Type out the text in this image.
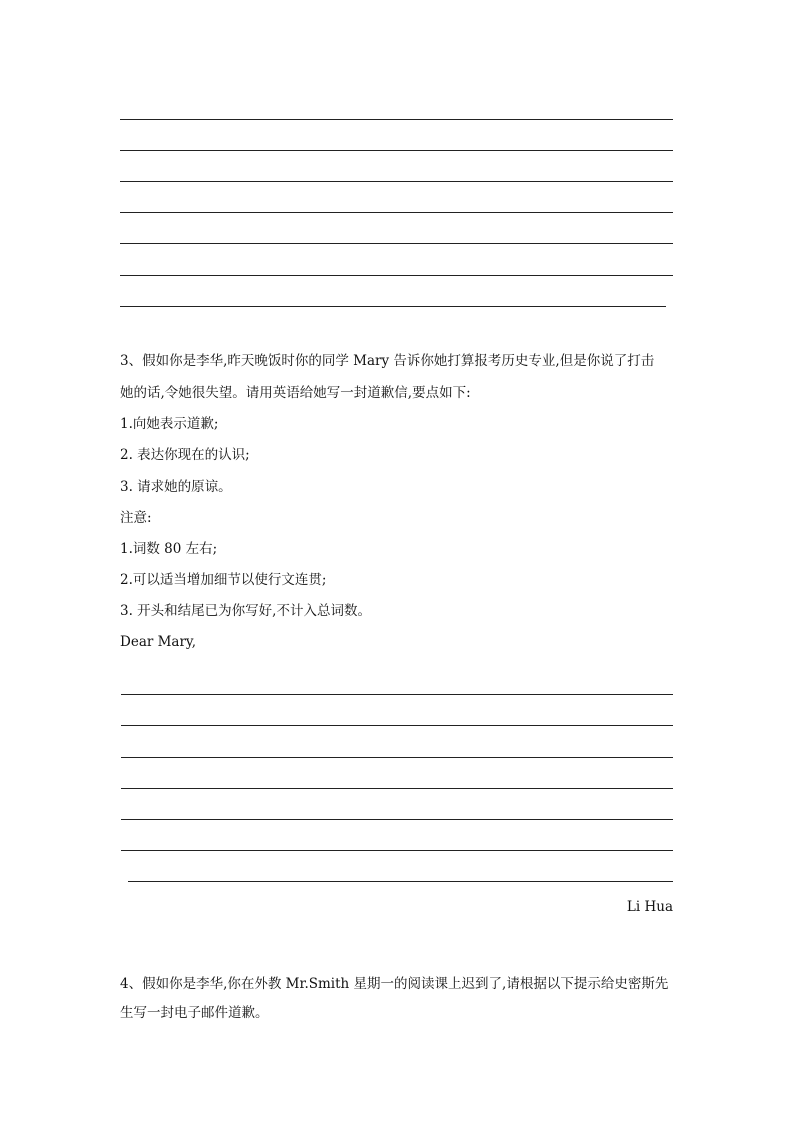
3、假如你是李华,昨天晚饭时你的同学 Mary 告诉你她打算报考历史专业,但是你说了打击
她的话,令她很失望。请用英语给她写一封道歉信,要点如下:
1.向她表示道歉;
2. 表达你现在的认识;
3. 请求她的原谅。
注意:
1.词数 80 左右;
2.可以适当增加细节以使行文连贯;
3. 开头和结尾已为你写好,不计入总词数。
Dear Mary,
Li Hua
4、假如你是李华,你在外教 Mr.Smith 星期一的阅读课上迟到了,请根据以下提示给史密斯先
生写一封电子邮件道歉。
